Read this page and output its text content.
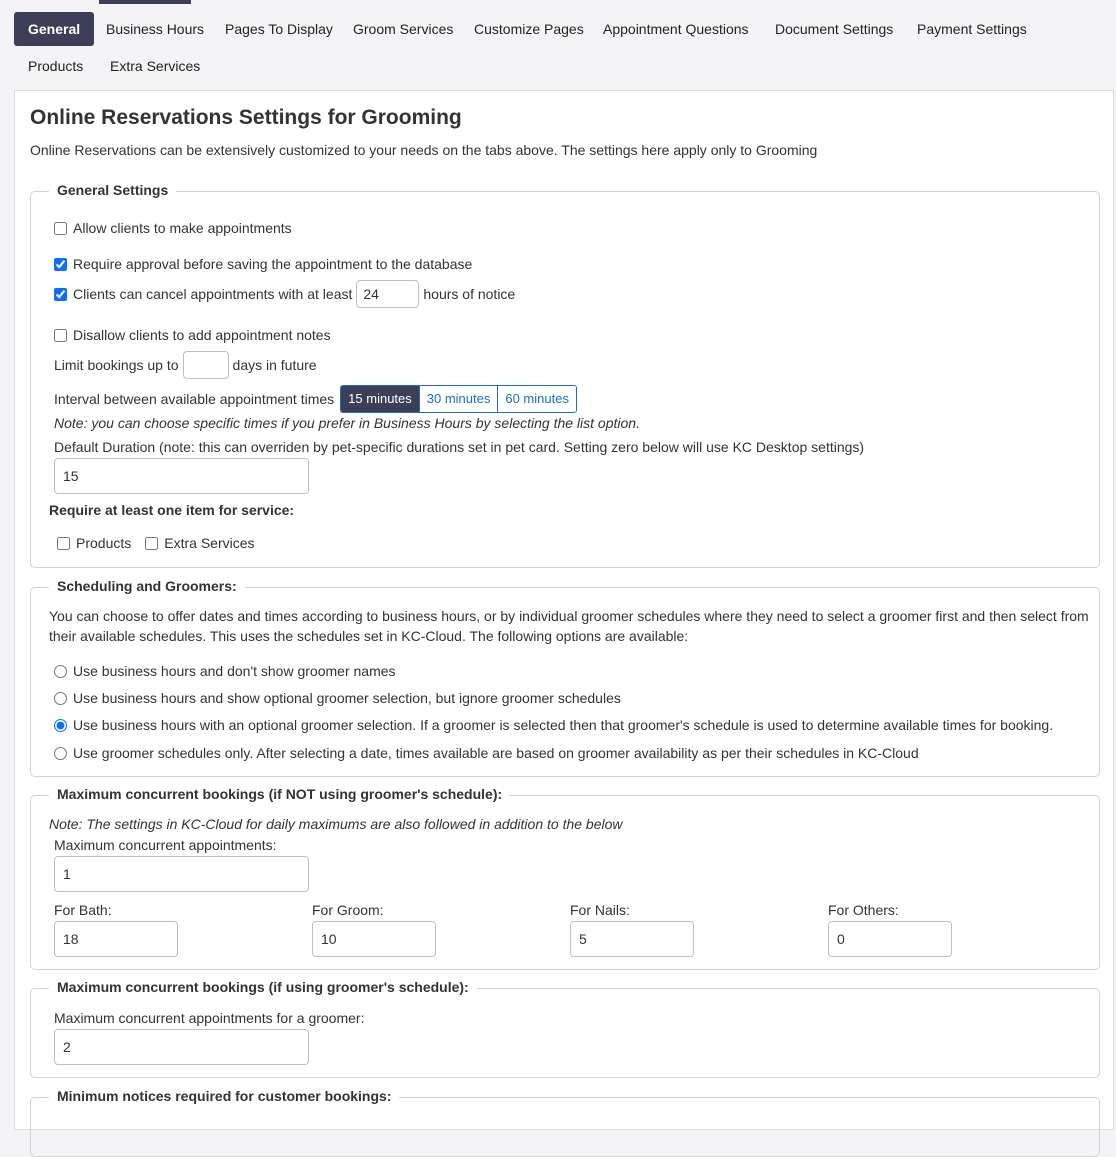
General	Business Hours	Pages To Display	Groom Services	Customize Pages	Appointment Questions	Document Settings	Payment Settings
Products	Extra Services
Online Reservations Settings for Grooming
Online Reservations can be extensively customized to your needs on the tabs above. The settings here apply only to Grooming
General Settings
Allow clients to make appointments
Require approval before saving the appointment to the database
Clients can cancel appointments with at least
24	hours of notice
Disallow clients to add appointment notes
Limit bookings up to	days in future
Interval between available appointment times	15 minutes	30 minutes	60 minutes
Note: you can choose specific times if you prefer in Business Hours by selecting the list option.
Default Duration (note: this can overriden by pet-specific durations set in pet card. Setting zero below will use KC Desktop settings)
15
Require at least one item for service:
Products Extra Services
Scheduling and Groomers:
You can choose to offer dates and times according to business hours, or by individual groomer schedules where they need to select a groomer first and then select from their available schedules. This uses the schedules set in KC-Cloud. The following options are available:
Use business hours and don't show groomer names
Use business hours and show optional groomer selection, but ignore groomer schedules
Use business hours with an optional groomer selection. If a groomer is selected then that groomer's schedule is used to determine available times for booking.
Use groomer schedules only. After selecting a date, times available are based on groomer availability as per their schedules in KC-Cloud
Maximum concurrent bookings (if NOT using groomer's schedule):
Note: The settings in KC-Cloud for daily maximums are also followed in addition to the below
Maximum concurrent appointments:
1
For Bath:
18	For Groom:
10	For Nails:
5	For Others:
0
Maximum concurrent bookings (if using groomer's schedule):
Maximum concurrent appointments for a groomer:
2
Minimum notices required for customer bookings:
